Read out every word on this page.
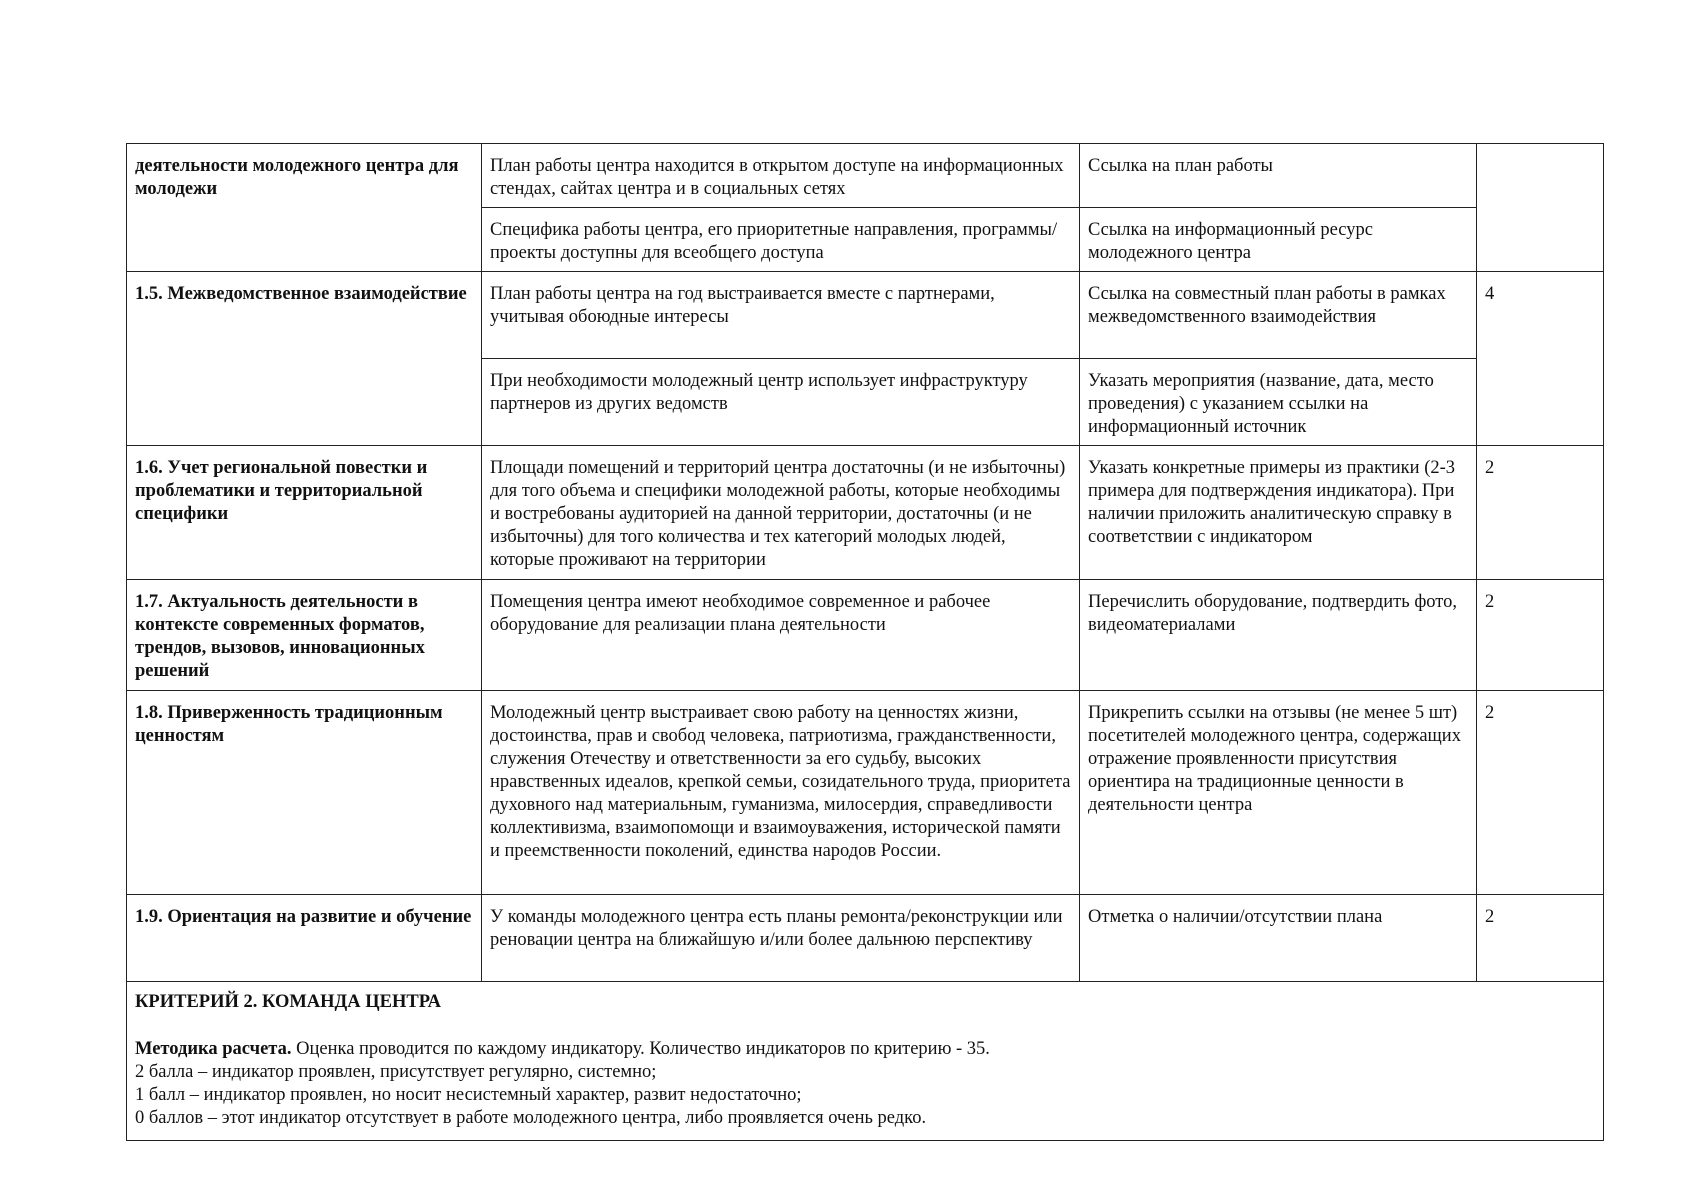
деятельности молодежного центра для молодежи	План работы центра находится в открытом доступе на информационных стендах, сайтах центра и в социальных сетях	Ссылка на план работы	
	Специфика работы центра, его приоритетные направления, программы/проекты доступны для всеобщего доступа	Ссылка на информационный ресурс молодежного центра	
1.5. Межведомственное взаимодействие	План работы центра на год выстраивается вместе с партнерами, учитывая обоюдные интересы	Ссылка на совместный план работы в рамках межведомственного взаимодействия	4
	При необходимости молодежный центр использует инфраструктуру партнеров из других ведомств	Указать мероприятия (название, дата, место проведения) с указанием ссылки на информационный источник	
1.6. Учет региональной повестки и проблематики и территориальной специфики	Площади помещений и территорий центра достаточны (и не избыточны) для того объема и специфики молодежной работы, которые необходимы и востребованы аудиторией на данной территории, достаточны (и не избыточны) для того количества и тех категорий молодых людей, которые проживают на территории	Указать конкретные примеры из практики (2-3 примера для подтверждения индикатора). При наличии приложить аналитическую справку в соответствии с индикатором	2
1.7. Актуальность деятельности в контексте современных форматов, трендов, вызовов, инновационных решений	Помещения центра имеют необходимое современное и рабочее оборудование для реализации плана деятельности	Перечислить оборудование, подтвердить фото, видеоматериалами	2
1.8. Приверженность традиционным ценностям	Молодежный центр выстраивает свою работу на ценностях жизни, достоинства, прав и свобод человека, патриотизма, гражданственности, служения Отечеству и ответственности за его судьбу, высоких нравственных идеалов, крепкой семьи, созидательного труда, приоритета духовного над материальным, гуманизма, милосердия, справедливости коллективизма, взаимопомощи и взаимоуважения, исторической памяти и преемственности поколений, единства народов России.	Прикрепить ссылки на отзывы (не менее 5 шт) посетителей молодежного центра, содержащих отражение проявленности присутствия ориентира на традиционные ценности в деятельности центра	2
1.9. Ориентация на развитие и обучение	У команды молодежного центра есть планы ремонта/реконструкции или реновации центра на ближайшую и/или более дальнюю перспективу	Отметка о наличии/отсутствии плана	2

КРИТЕРИЙ 2. КОМАНДА ЦЕНТРА
Методика расчета. Оценка проводится по каждому индикатору. Количество индикаторов по критерию - 35.
2 балла – индикатор проявлен, присутствует регулярно, системно;
1 балл – индикатор проявлен, но носит несистемный характер, развит недостаточно;
0 баллов – этот индикатор отсутствует в работе молодежного центра, либо проявляется очень редко.			
